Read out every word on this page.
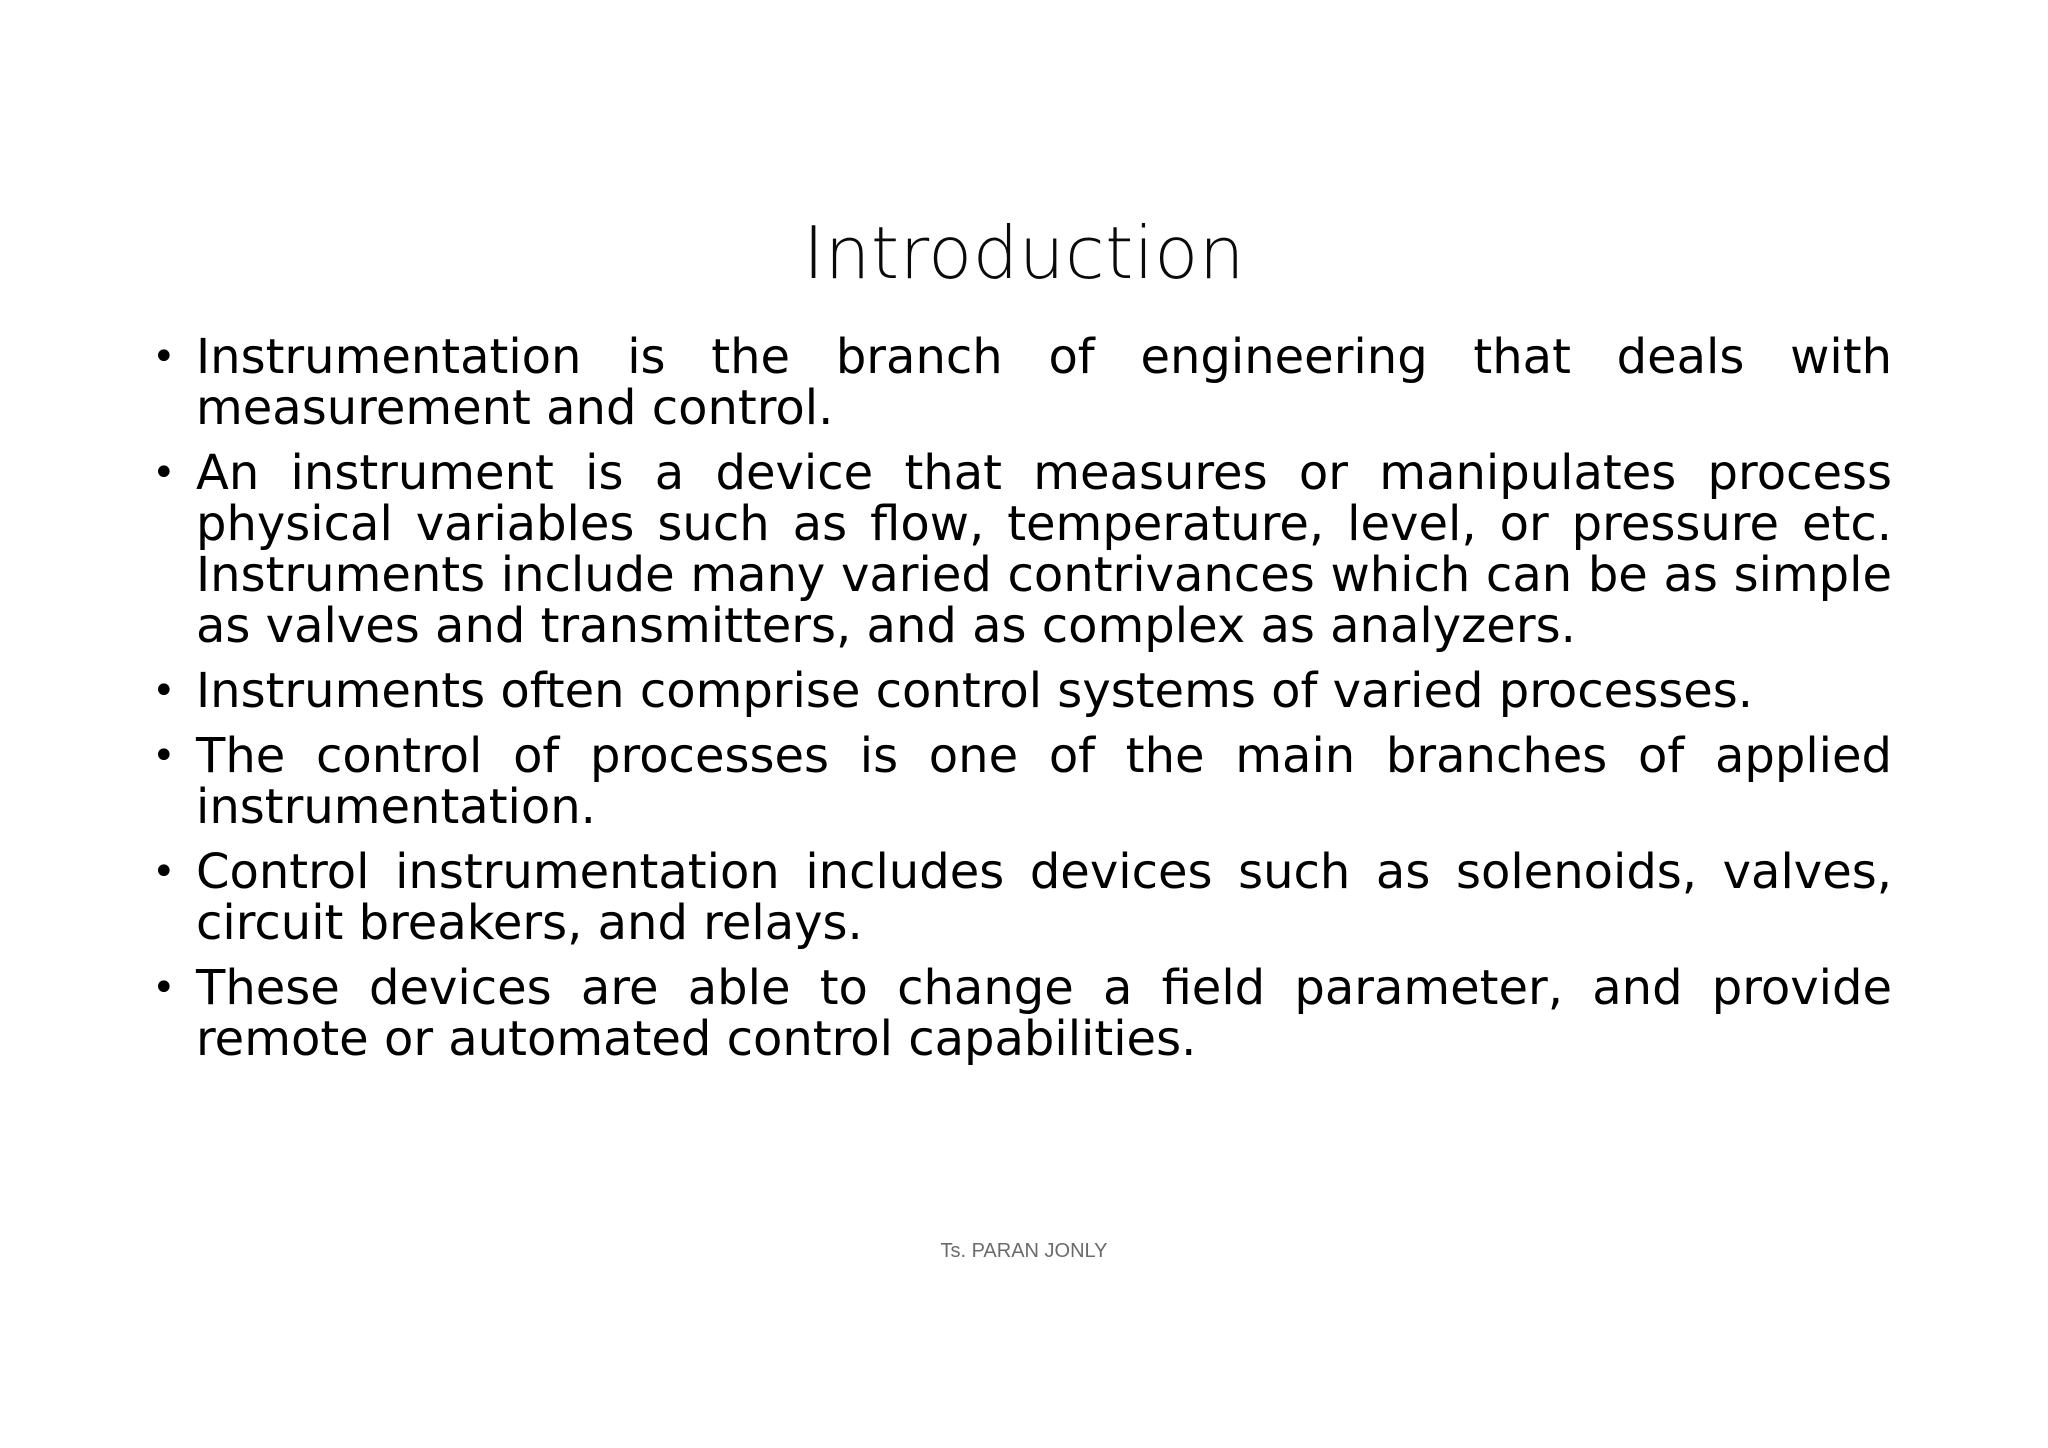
Introduction
• Instrumentation is the branch of engineering that deals with measurement and control.
• An instrument is a device that measures or manipulates process physical variables such as flow, temperature, level, or pressure etc. Instruments include many varied contrivances which can be as simple as valves and transmitters, and as complex as analyzers.
• Instruments often comprise control systems of varied processes.
• The control of processes is one of the main branches of applied instrumentation.
• Control instrumentation includes devices such as solenoids, valves, circuit breakers, and relays.
• These devices are able to change a field parameter, and provide remote or automated control capabilities.
Ts. PARAN JONLY
